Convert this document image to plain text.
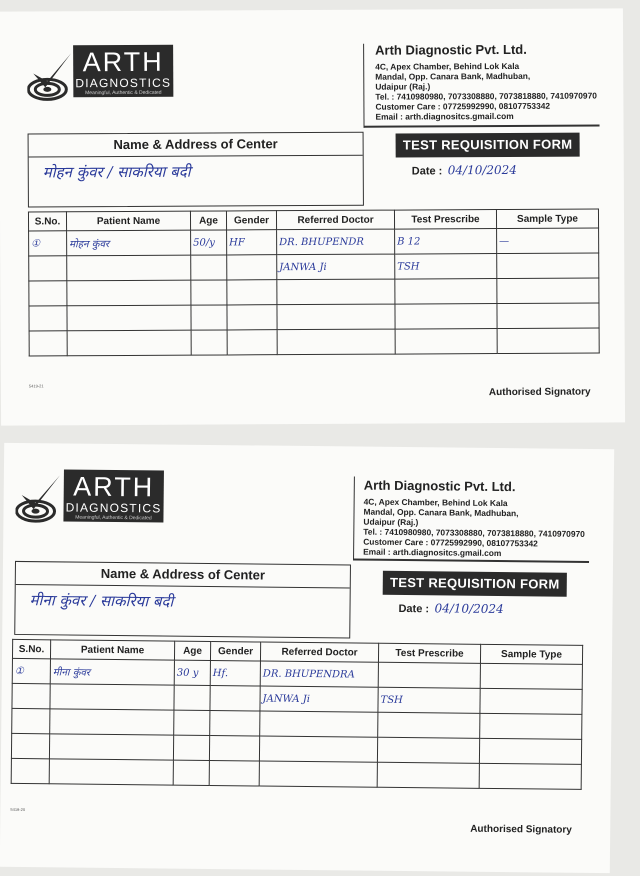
ARTH
DIAGNOSTICS
Meaningful, Authentic & Dedicated
Arth Diagnostic Pvt. Ltd.
4C, Apex Chamber, Behind Lok Kala
Mandal, Opp. Canara Bank, Madhuban,
Udaipur (Raj.)
Tel. : 7410980980, 7073308880, 7073818880, 7410970970
Customer Care : 07725992990, 08107753342
Email : arth.diagnositcs.gmail.com
Name & Address of Center
मोहन कुंवर / साकरिया बदी
TEST REQUISITION FORM
Date : 04/10/2024
S.No.	Patient Name	Age	Gender	Referred Doctor	Test Prescribe	Sample Type
①	मोहन कुंवर	50/y	HF	DR. BHUPENDR	B 12	—
				JANWA Ji	TSH	

5419-21
Authorised Signatory
ARTH
DIAGNOSTICS
Meaningful, Authentic & Dedicated
Arth Diagnostic Pvt. Ltd.
4C, Apex Chamber, Behind Lok Kala
Mandal, Opp. Canara Bank, Madhuban,
Udaipur (Raj.)
Tel. : 7410980980, 7073308880, 7073818880, 7410970970
Customer Care : 07725992990, 08107753342
Email : arth.diagnositcs.gmail.com
Name & Address of Center
मीना कुंवर / साकरिया बदी
TEST REQUISITION FORM
Date : 04/10/2024
S.No.	Patient Name	Age	Gender	Referred Doctor	Test Prescribe	Sample Type
①	मीना कुंवर	30 y	Hf.	DR. BHUPENDRA		
				JANWA Ji	TSH	

5419-20
Authorised Signatory
